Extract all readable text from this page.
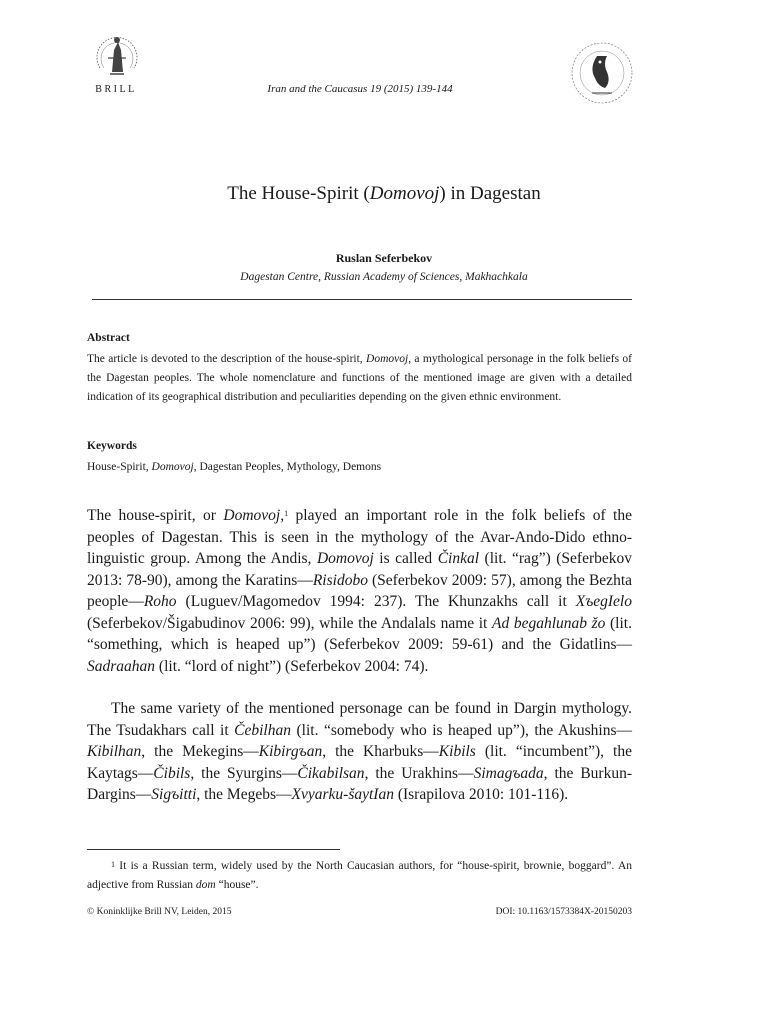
BRILL	Iran and the Caucasus 19 (2015) 139-144
The House-Spirit (Domovoj) in Dagestan
Ruslan Seferbekov
Dagestan Centre, Russian Academy of Sciences, Makhachkala
Abstract
The article is devoted to the description of the house-spirit, Domovoj, a mythological personage in the folk beliefs of the Dagestan peoples. The whole nomenclature and functions of the mentioned image are given with a detailed indication of its geographical distribution and peculiarities depending on the given ethnic environment.
Keywords
House-Spirit, Domovoj, Dagestan Peoples, Mythology, Demons
The house-spirit, or Domovoj,$^1$ played an important role in the folk beliefs of the peoples of Dagestan. This is seen in the mythology of the Avar-Ando-Dido ethno-linguistic group. Among the Andis, Domovoj is called Činkal (lit. “rag”) (Seferbekov 2013: 78-90), among the Karatins—Risidobo (Seferbekov 2009: 57), among the Bezhta people—Roho (Luguev/Magomedov 1994: 237). The Khunzakhs call it XъegIelo (Seferbekov/Šigabudinov 2006: 99), while the Andalals name it Ad begahlunab žo (lit. “something, which is heaped up”) (Seferbekov 2009: 59-61) and the Gidatlins—Sadraahan (lit. “lord of night”) (Seferbekov 2004: 74).
The same variety of the mentioned personage can be found in Dargin mythology. The Tsudakhars call it Čebilhan (lit. “somebody who is heaped up”), the Akushins—Kibilhan, the Mekegins—Kibirgъan, the Kharbuks—Kibils (lit. “incumbent”), the Kaytags—Čibils, the Syurgins—Čikabilsan, the Urakhins—Simagъada, the Burkun-Dargins—Sigъitti, the Megebs—Xvyarku-šaytIan (Israpilova 2010: 101-116).
$^1$ It is a Russian term, widely used by the North Caucasian authors, for “house-spirit, brownie, boggard”. An adjective from Russian dom “house”.
© Koninklijke Brill NV, Leiden, 2015	DOI: 10.1163/1573384X-20150203
